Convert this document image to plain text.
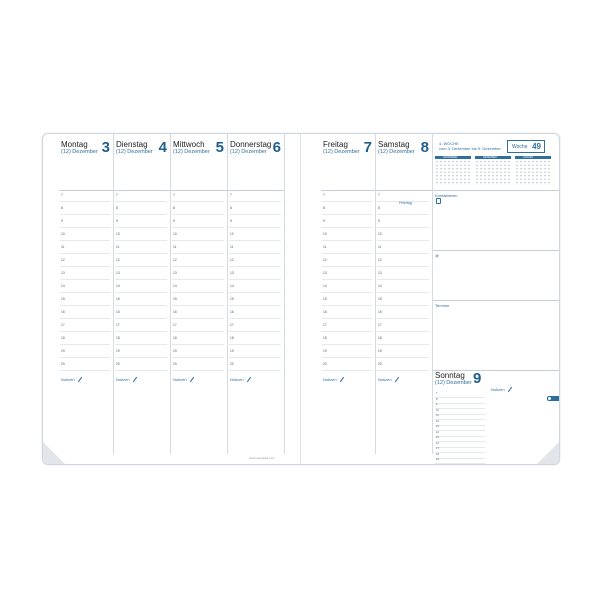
Montag
(12) Dezember 3
7
8
9
10
11
12
13
14
15
16
17
18
19
20
Notizen
Dienstag
(12) Dezember 4
7
8
9
10
11
12
13
14
15
16
17
18
19
20
Notizen
Mittwoch
(12) Dezember 5
7
8
9
10
11
12
13
14
15
16
17
18
19
20
Notizen
Donnerstag
(12) Dezember 6
7
8
9
10
11
12
13
14
15
16
17
18
19
20
Notizen
www.quovadis.com
Freitag
(12) Dezember 7
7
8
9
10
11
12
13
14
15
16
17
18
19
20
Notizen
Samstag
(12) Dezember 8
7
8
9
10
11
12
13
14
15
16
17
18
19
20
Feiertag
Notizen
4. WOCHE
vom 3. Dezember bis 9. Dezember Woche 49
NOVEMBER	DEZEMBER	JANUAR
Kontaktieren
@
Termine
Sonntag
(12) Dezember 9
7
8
9
10
11
12
13
14
15
16
17
18
19
20
Notizen
